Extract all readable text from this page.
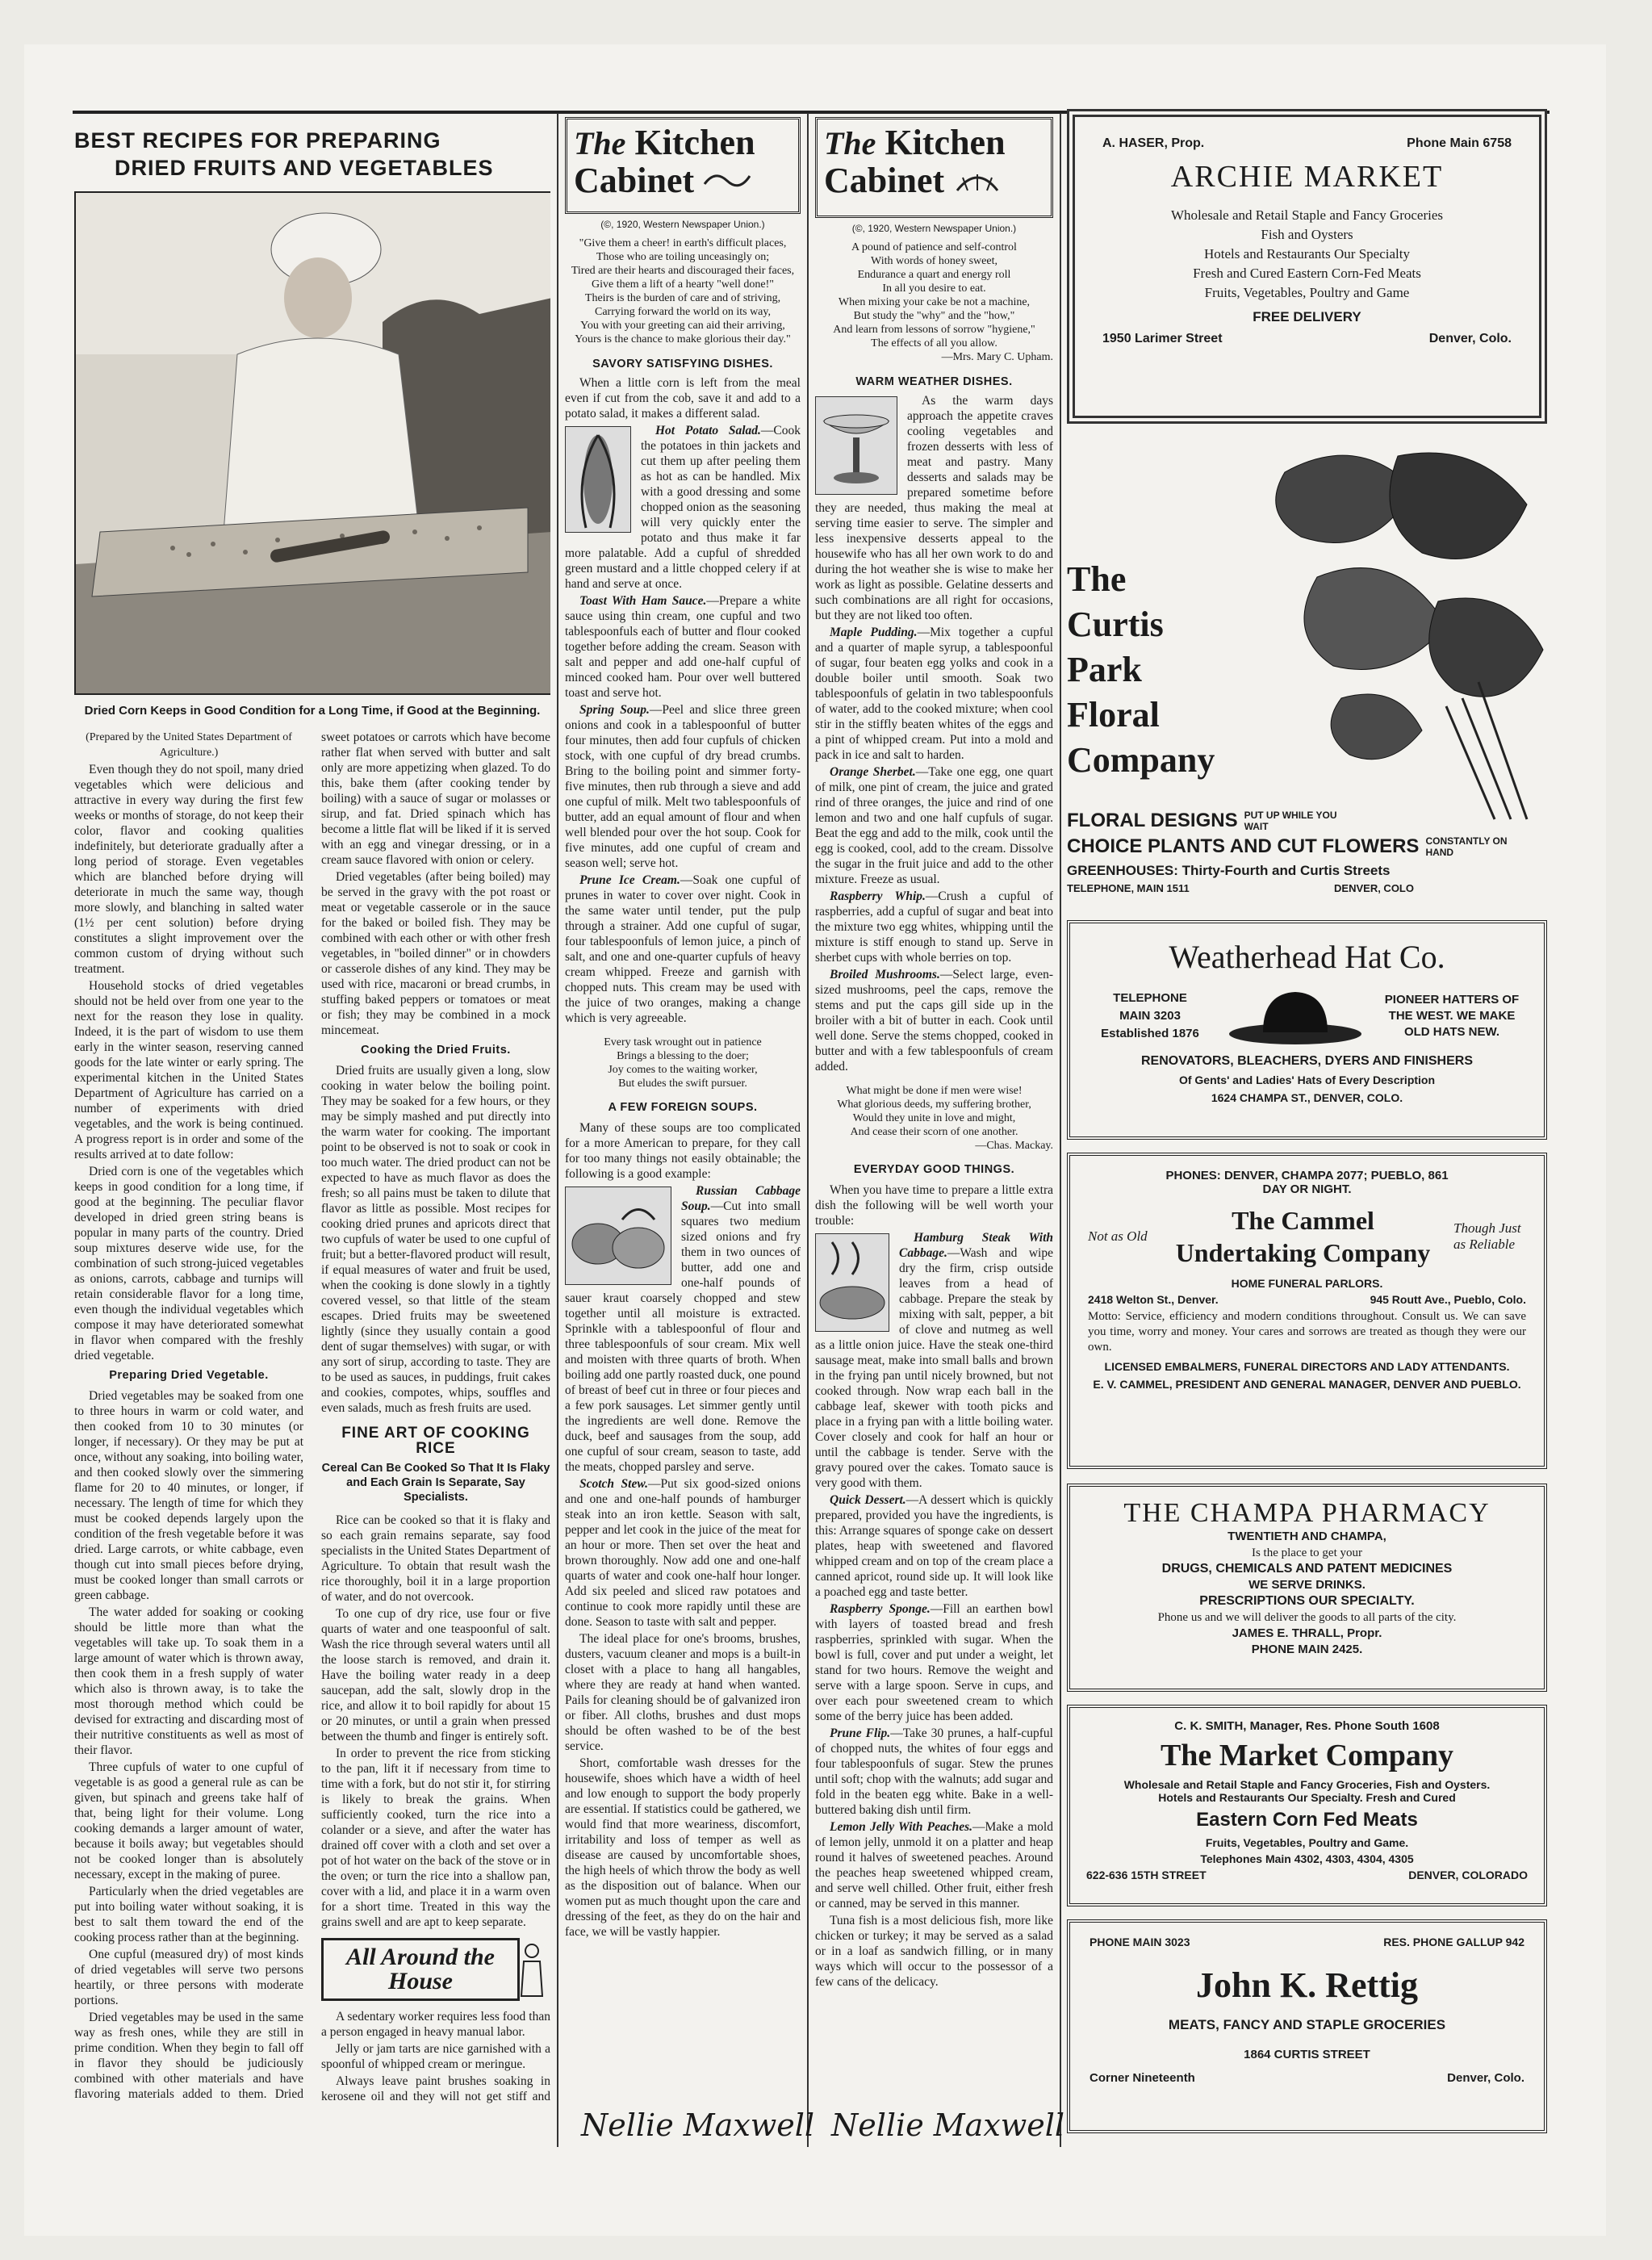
BEST RECIPES FOR PREPARING
DRIED FRUITS AND VEGETABLES
Dried Corn Keeps in Good Condition for a Long Time, if Good at the Beginning.

(Prepared by the United States Department of Agriculture.)

Even though they do not spoil, many dried vegetables which were delicious and attractive in every way during the first few weeks or months of storage, do not keep their color, flavor and cooking qualities indefinitely, but deteriorate gradually after a long period of storage. Even vegetables which are blanched before drying will deteriorate in much the same way, though more slowly, and blanching in salted water (1½ per cent solution) before drying constitutes a slight improvement over the common custom of drying without such treatment.

Household stocks of dried vegetables should not be held over from one year to the next for the reason they lose in quality. Indeed, it is the part of wisdom to use them early in the winter season, reserving canned goods for the late winter or early spring. The experimental kitchen in the United States Department of Agriculture has carried on a number of experiments with dried vegetables, and the work is being continued. A progress report is in order and some of the results arrived at to date follow:

Dried corn is one of the vegetables which keeps in good condition for a long time, if good at the beginning. The peculiar flavor developed in dried green string beans is popular in many parts of the country. Dried soup mixtures deserve wide use, for the combination of such strong-juiced vegetables as onions, carrots, cabbage and turnips will retain considerable flavor for a long time, even though the individual vegetables which compose it may have deteriorated somewhat in flavor when compared with the freshly dried vegetable.

Preparing Dried Vegetable.

Dried vegetables may be soaked from one to three hours in warm or cold water, and then cooked from 10 to 30 minutes (or longer, if necessary). Or they may be put at once, without any soaking, into boiling water, and then cooked slowly over the simmering flame for 20 to 40 minutes, or longer, if necessary. The length of time for which they must be cooked depends largely upon the condition of the fresh vegetable before it was dried. Large carrots, or white cabbage, even though cut into small pieces before drying, must be cooked longer than small carrots or green cabbage.

The water added for soaking or cooking should be little more than what the vegetables will take up. To soak them in a large amount of water which is thrown away, then cook them in a fresh supply of water which also is thrown away, is to take the most thorough method which could be devised for extracting and discarding most of their nutritive constituents as well as most of their flavor.

Three cupfuls of water to one cupful of vegetable is as good a general rule as can be given, but spinach and greens take half of that, being light for their volume. Long cooking demands a larger amount of water, because it boils away; but vegetables should not be cooked longer than is absolutely necessary, except in the making of puree.

Particularly when the dried vegetables are put into boiling water without soaking, it is best to salt them toward the end of the cooking process rather than at the beginning.

One cupful (measured dry) of most kinds of dried vegetables will serve two persons heartily, or three persons with moderate portions.

Dried vegetables may be used in the same way as fresh ones, while they are still in prime condition. When they begin to fall off in flavor they should be judiciously combined with other materials and have flavoring materials added to them. Dried sweet potatoes or carrots which have become rather flat when served with butter and salt only are more appetizing when glazed. To do this, bake them (after cooking tender by boiling) with a sauce of sugar or molasses or sirup, and fat. Dried spinach which has become a little flat will be liked if it is served with an egg and vinegar dressing, or in a cream sauce flavored with onion or celery.

Dried vegetables (after being boiled) may be served in the gravy with the pot roast or meat or vegetable casserole or in the sauce for the baked or boiled fish. They may be combined with each other or with other fresh vegetables, in "boiled dinner" or in chowders or casserole dishes of any kind. They may be used with rice, macaroni or bread crumbs, in stuffing baked peppers or tomatoes or meat or fish; they may be combined in a mock mincemeat.

Cooking the Dried Fruits.

Dried fruits are usually given a long, slow cooking in water below the boiling point. They may be soaked for a few hours, or they may be simply mashed and put directly into the warm water for cooking. The important point to be observed is not to soak or cook in too much water. The dried product can not be expected to have as much flavor as does the fresh; so all pains must be taken to dilute that flavor as little as possible. Most recipes for cooking dried prunes and apricots direct that two cupfuls of water be used to one cupful of fruit; but a better-flavored product will result, if equal measures of water and fruit be used, when the cooking is done slowly in a tightly covered vessel, so that little of the steam escapes. Dried fruits may be sweetened lightly (since they usually contain a good dent of sugar themselves) with sugar, or with any sort of sirup, according to taste. They are to be used as sauces, in puddings, fruit cakes and cookies, compotes, whips, souffles and even salads, much as fresh fruits are used.

FINE ART OF COOKING RICE
Cereal Can Be Cooked So That It Is Flaky and Each Grain Is Separate, Say Specialists.

Rice can be cooked so that it is flaky and so each grain remains separate, say food specialists in the United States Department of Agriculture. To obtain that result wash the rice thoroughly, boil it in a large proportion of water, and do not overcook.

To one cup of dry rice, use four or five quarts of water and one teaspoonful of salt. Wash the rice through several waters until all the loose starch is removed, and drain it. Have the boiling water ready in a deep saucepan, add the salt, slowly drop in the rice, and allow it to boil rapidly for about 15 or 20 minutes, or until a grain when pressed between the thumb and finger is entirely soft.

In order to prevent the rice from sticking to the pan, lift it if necessary from time to time with a fork, but do not stir it, for stirring is likely to break the grains. When sufficiently cooked, turn the rice into a colander or a sieve, and after the water has drained off cover with a cloth and set over a pot of hot water on the back of the stove or in the oven; or turn the rice into a shallow pan, cover with a lid, and place it in a warm oven for a short time. Treated in this way the grains swell and are apt to keep separate.

All Around the House

A sedentary worker requires less food than a person engaged in heavy manual labor.

Jelly or jam tarts are nice garnished with a spoonful of whipped cream or meringue.

Always leave paint brushes soaking in kerosene oil and they will not get stiff and

The Kitchen
Cabinet
(©, 1920, Western Newspaper Union.)
"Give them a cheer! in earth's difficult places,
Those who are toiling unceasingly on;
Tired are their hearts and discouraged their faces,
Give them a lift of a hearty "well done!"
Theirs is the burden of care and of striving,
Carrying forward the world on its way,
You with your greeting can aid their arriving,
Yours is the chance to make glorious their day."
SAVORY SATISFYING DISHES.

When a little corn is left from the meal even if cut from the cob, save it and add to a potato salad, it makes a different salad.

Hot Potato Salad.—Cook the potatoes in thin jackets and cut them up after peeling them as hot as can be handled. Mix with a good dressing and some chopped onion as the seasoning will very quickly enter the potato and thus make it far more palatable. Add a cupful of shredded green mustard and a little chopped celery if at hand and serve at once.

Toast With Ham Sauce.—Prepare a white sauce using thin cream, one cupful and two tablespoonfuls each of butter and flour cooked together before adding the cream. Season with salt and pepper and add one-half cupful of minced cooked ham. Pour over well buttered toast and serve hot.

Spring Soup.—Peel and slice three green onions and cook in a tablespoonful of butter four minutes, then add four cupfuls of chicken stock, with one cupful of dry bread crumbs. Bring to the boiling point and simmer forty-five minutes, then rub through a sieve and add one cupful of milk. Melt two tablespoonfuls of butter, add an equal amount of flour and when well blended pour over the hot soup. Cook for five minutes, add one cupful of cream and season well; serve hot.

Prune Ice Cream.—Soak one cupful of prunes in water to cover over night. Cook in the same water until tender, put the pulp through a strainer. Add one cupful of sugar, four tablespoonfuls of lemon juice, a pinch of salt, and one and one-quarter cupfuls of heavy cream whipped. Freeze and garnish with chopped nuts. This cream may be used with the juice of two oranges, making a change which is very agreeable.

Every task wrought out in patience
Brings a blessing to the doer;
Joy comes to the waiting worker,
But eludes the swift pursuer.
A FEW FOREIGN SOUPS.

Many of these soups are too complicated for a more American to prepare, for they call for too many things not easily obtainable; the following is a good example:

Russian Cabbage Soup.—Cut into small squares two medium sized onions and fry them in two ounces of butter, add one and one-half pounds of sauer kraut coarsely chopped and stew together until all moisture is extracted. Sprinkle with a tablespoonful of flour and three tablespoonfuls of sour cream. Mix well and moisten with three quarts of broth. When boiling add one partly roasted duck, one pound of breast of beef cut in three or four pieces and a few pork sausages. Let simmer gently until the ingredients are well done. Remove the duck, beef and sausages from the soup, add one cupful of sour cream, season to taste, add the meats, chopped parsley and serve.

Scotch Stew.—Put six good-sized onions and one and one-half pounds of hamburger steak into an iron kettle. Season with salt, pepper and let cook in the juice of the meat for an hour or more. Then set over the heat and brown thoroughly. Now add one and one-half quarts of water and cook one-half hour longer. Add six peeled and sliced raw potatoes and continue to cook more rapidly until these are done. Season to taste with salt and pepper.

The ideal place for one's brooms, brushes, dusters, vacuum cleaner and mops is a built-in closet with a place to hang all hangables, where they are ready at hand when wanted. Pails for cleaning should be of galvanized iron or fiber. All cloths, brushes and dust mops should be often washed to be of the best service.

Short, comfortable wash dresses for the housewife, shoes which have a width of heel and low enough to support the body properly are essential. If statistics could be gathered, we would find that more weariness, discomfort, irritability and loss of temper as well as disease are caused by uncomfortable shoes, the high heels of which throw the body as well as the disposition out of balance. When our women put as much thought upon the care and dressing of the feet, as they do on the hair and face, we will be vastly happier.

Nellie Maxwell
The Kitchen
Cabinet
(©, 1920, Western Newspaper Union.)
A pound of patience and self-control
With words of honey sweet,
Endurance a quart and energy roll
In all you desire to eat.
When mixing your cake be not a machine,
But study the "why" and the "how,"
And learn from lessons of sorrow "hygiene,"
The effects of all you allow.
—Mrs. Mary C. Upham.
WARM WEATHER DISHES.

As the warm days approach the appetite craves cooling vegetables and frozen desserts with less of meat and pastry. Many desserts and salads may be prepared sometime before they are needed, thus making the meal at serving time easier to serve. The simpler and less inexpensive desserts appeal to the housewife who has all her own work to do and during the hot weather she is wise to make her work as light as possible. Gelatine desserts and such combinations are all right for occasions, but they are not liked too often.

Maple Pudding.—Mix together a cupful and a quarter of maple syrup, a tablespoonful of sugar, four beaten egg yolks and cook in a double boiler until smooth. Soak two tablespoonfuls of gelatin in two tablespoonfuls of water, add to the cooked mixture; when cool stir in the stiffly beaten whites of the eggs and a pint of whipped cream. Put into a mold and pack in ice and salt to harden.

Orange Sherbet.—Take one egg, one quart of milk, one pint of cream, the juice and grated rind of three oranges, the juice and rind of one lemon and two and one half cupfuls of sugar. Beat the egg and add to the milk, cook until the egg is cooked, cool, add to the cream. Dissolve the sugar in the fruit juice and add to the other mixture. Freeze as usual.

Raspberry Whip.—Crush a cupful of raspberries, add a cupful of sugar and beat into the mixture two egg whites, whipping until the mixture is stiff enough to stand up. Serve in sherbet cups with whole berries on top.

Broiled Mushrooms.—Select large, even-sized mushrooms, peel the caps, remove the stems and put the caps gill side up in the broiler with a bit of butter in each. Cook until well done. Serve the stems chopped, cooked in butter and with a few tablespoonfuls of cream added.

What might be done if men were wise!
What glorious deeds, my suffering brother,
Would they unite in love and might,
And cease their scorn of one another.
—Chas. Mackay.
EVERYDAY GOOD THINGS.

When you have time to prepare a little extra dish the following will be well worth your trouble:

Hamburg Steak With Cabbage.—Wash and wipe dry the firm, crisp outside leaves from a head of cabbage. Prepare the steak by mixing with salt, pepper, a bit of clove and nutmeg as well as a little onion juice. Have the steak one-third sausage meat, make into small balls and brown in the frying pan until nicely browned, but not cooked through. Now wrap each ball in the cabbage leaf, skewer with tooth picks and place in a frying pan with a little boiling water. Cover closely and cook for half an hour or until the cabbage is tender. Serve with the gravy poured over the cakes. Tomato sauce is very good with them.

Quick Dessert.—A dessert which is quickly prepared, provided you have the ingredients, is this: Arrange squares of sponge cake on dessert plates, heap with sweetened and flavored whipped cream and on top of the cream place a canned apricot, round side up. It will look like a poached egg and taste better.

Raspberry Sponge.—Fill an earthen bowl with layers of toasted bread and fresh raspberries, sprinkled with sugar. When the bowl is full, cover and put under a weight, let stand for two hours. Remove the weight and serve with a large spoon. Serve in cups, and over each pour sweetened cream to which some of the berry juice has been added.

Prune Flip.—Take 30 prunes, a half-cupful of chopped nuts, the whites of four eggs and four tablespoonfuls of sugar. Stew the prunes until soft; chop with the walnuts; add sugar and fold in the beaten egg white. Bake in a well-buttered baking dish until firm.

Lemon Jelly With Peaches.—Make a mold of lemon jelly, unmold it on a platter and heap round it halves of sweetened peaches. Around the peaches heap sweetened whipped cream, and serve well chilled. Other fruit, either fresh or canned, may be served in this manner.

Tuna fish is a most delicious fish, more like chicken or turkey; it may be served as a salad or in a loaf as sandwich filling, or in many ways which will occur to the possessor of a few cans of the delicacy.

Nellie Maxwell
A. HASER, Prop.	Phone Main 6758
ARCHIE MARKET
Wholesale and Retail Staple and Fancy Groceries
Fish and Oysters
Hotels and Restaurants Our Specialty
Fresh and Cured Eastern Corn-Fed Meats
Fruits, Vegetables, Poultry and Game
FREE DELIVERY
1950 Larimer Street	Denver, Colo.
The
Curtis
Park
Floral
Company
FLORAL DESIGNS PUT UP WHILE YOU WAIT
CHOICE PLANTS AND CUT FLOWERS CONSTANTLY ON HAND
GREENHOUSES: Thirty-Fourth and Curtis Streets
TELEPHONE, MAIN 1511	DENVER, COLO
Weatherhead Hat Co.
TELEPHONE
MAIN 3203
Established 1876
PIONEER HATTERS OF THE WEST. WE MAKE OLD HATS NEW.
RENOVATORS, BLEACHERS, DYERS AND FINISHERS
Of Gents' and Ladies' Hats of Every Description
1624 CHAMPA ST., DENVER, COLO.
PHONES: DENVER, CHAMPA 2077; PUEBLO, 861
DAY OR NIGHT.
Not as Old
The Cammel
Undertaking Company
Though Just as Reliable
HOME FUNERAL PARLORS.
2418 Welton St., Denver.	945 Routt Ave., Pueblo, Colo.
Motto: Service, efficiency and modern conditions throughout. Consult us. We can save you time, worry and money. Your cares and sorrows are treated as though they were our own.
LICENSED EMBALMERS, FUNERAL DIRECTORS AND LADY ATTENDANTS.
E. V. CAMMEL, PRESIDENT AND GENERAL MANAGER, DENVER AND PUEBLO.
THE CHAMPA PHARMACY
TWENTIETH AND CHAMPA,
Is the place to get your
DRUGS, CHEMICALS AND PATENT MEDICINES
WE SERVE DRINKS.
PRESCRIPTIONS OUR SPECIALTY.
Phone us and we will deliver the goods to all parts of the city.
JAMES E. THRALL, Propr.
PHONE MAIN 2425.
C. K. SMITH, Manager, Res. Phone South 1608
The Market Company
Wholesale and Retail Staple and Fancy Groceries, Fish and Oysters.
Hotels and Restaurants Our Specialty. Fresh and Cured
Eastern Corn Fed Meats
Fruits, Vegetables, Poultry and Game.
Telephones Main 4302, 4303, 4304, 4305
622-636 15TH STREET	DENVER, COLORADO
PHONE MAIN 3023	RES. PHONE GALLUP 942
John K. Rettig
MEATS, FANCY AND STAPLE GROCERIES
1864 CURTIS STREET
Corner Nineteenth	Denver, Colo.
